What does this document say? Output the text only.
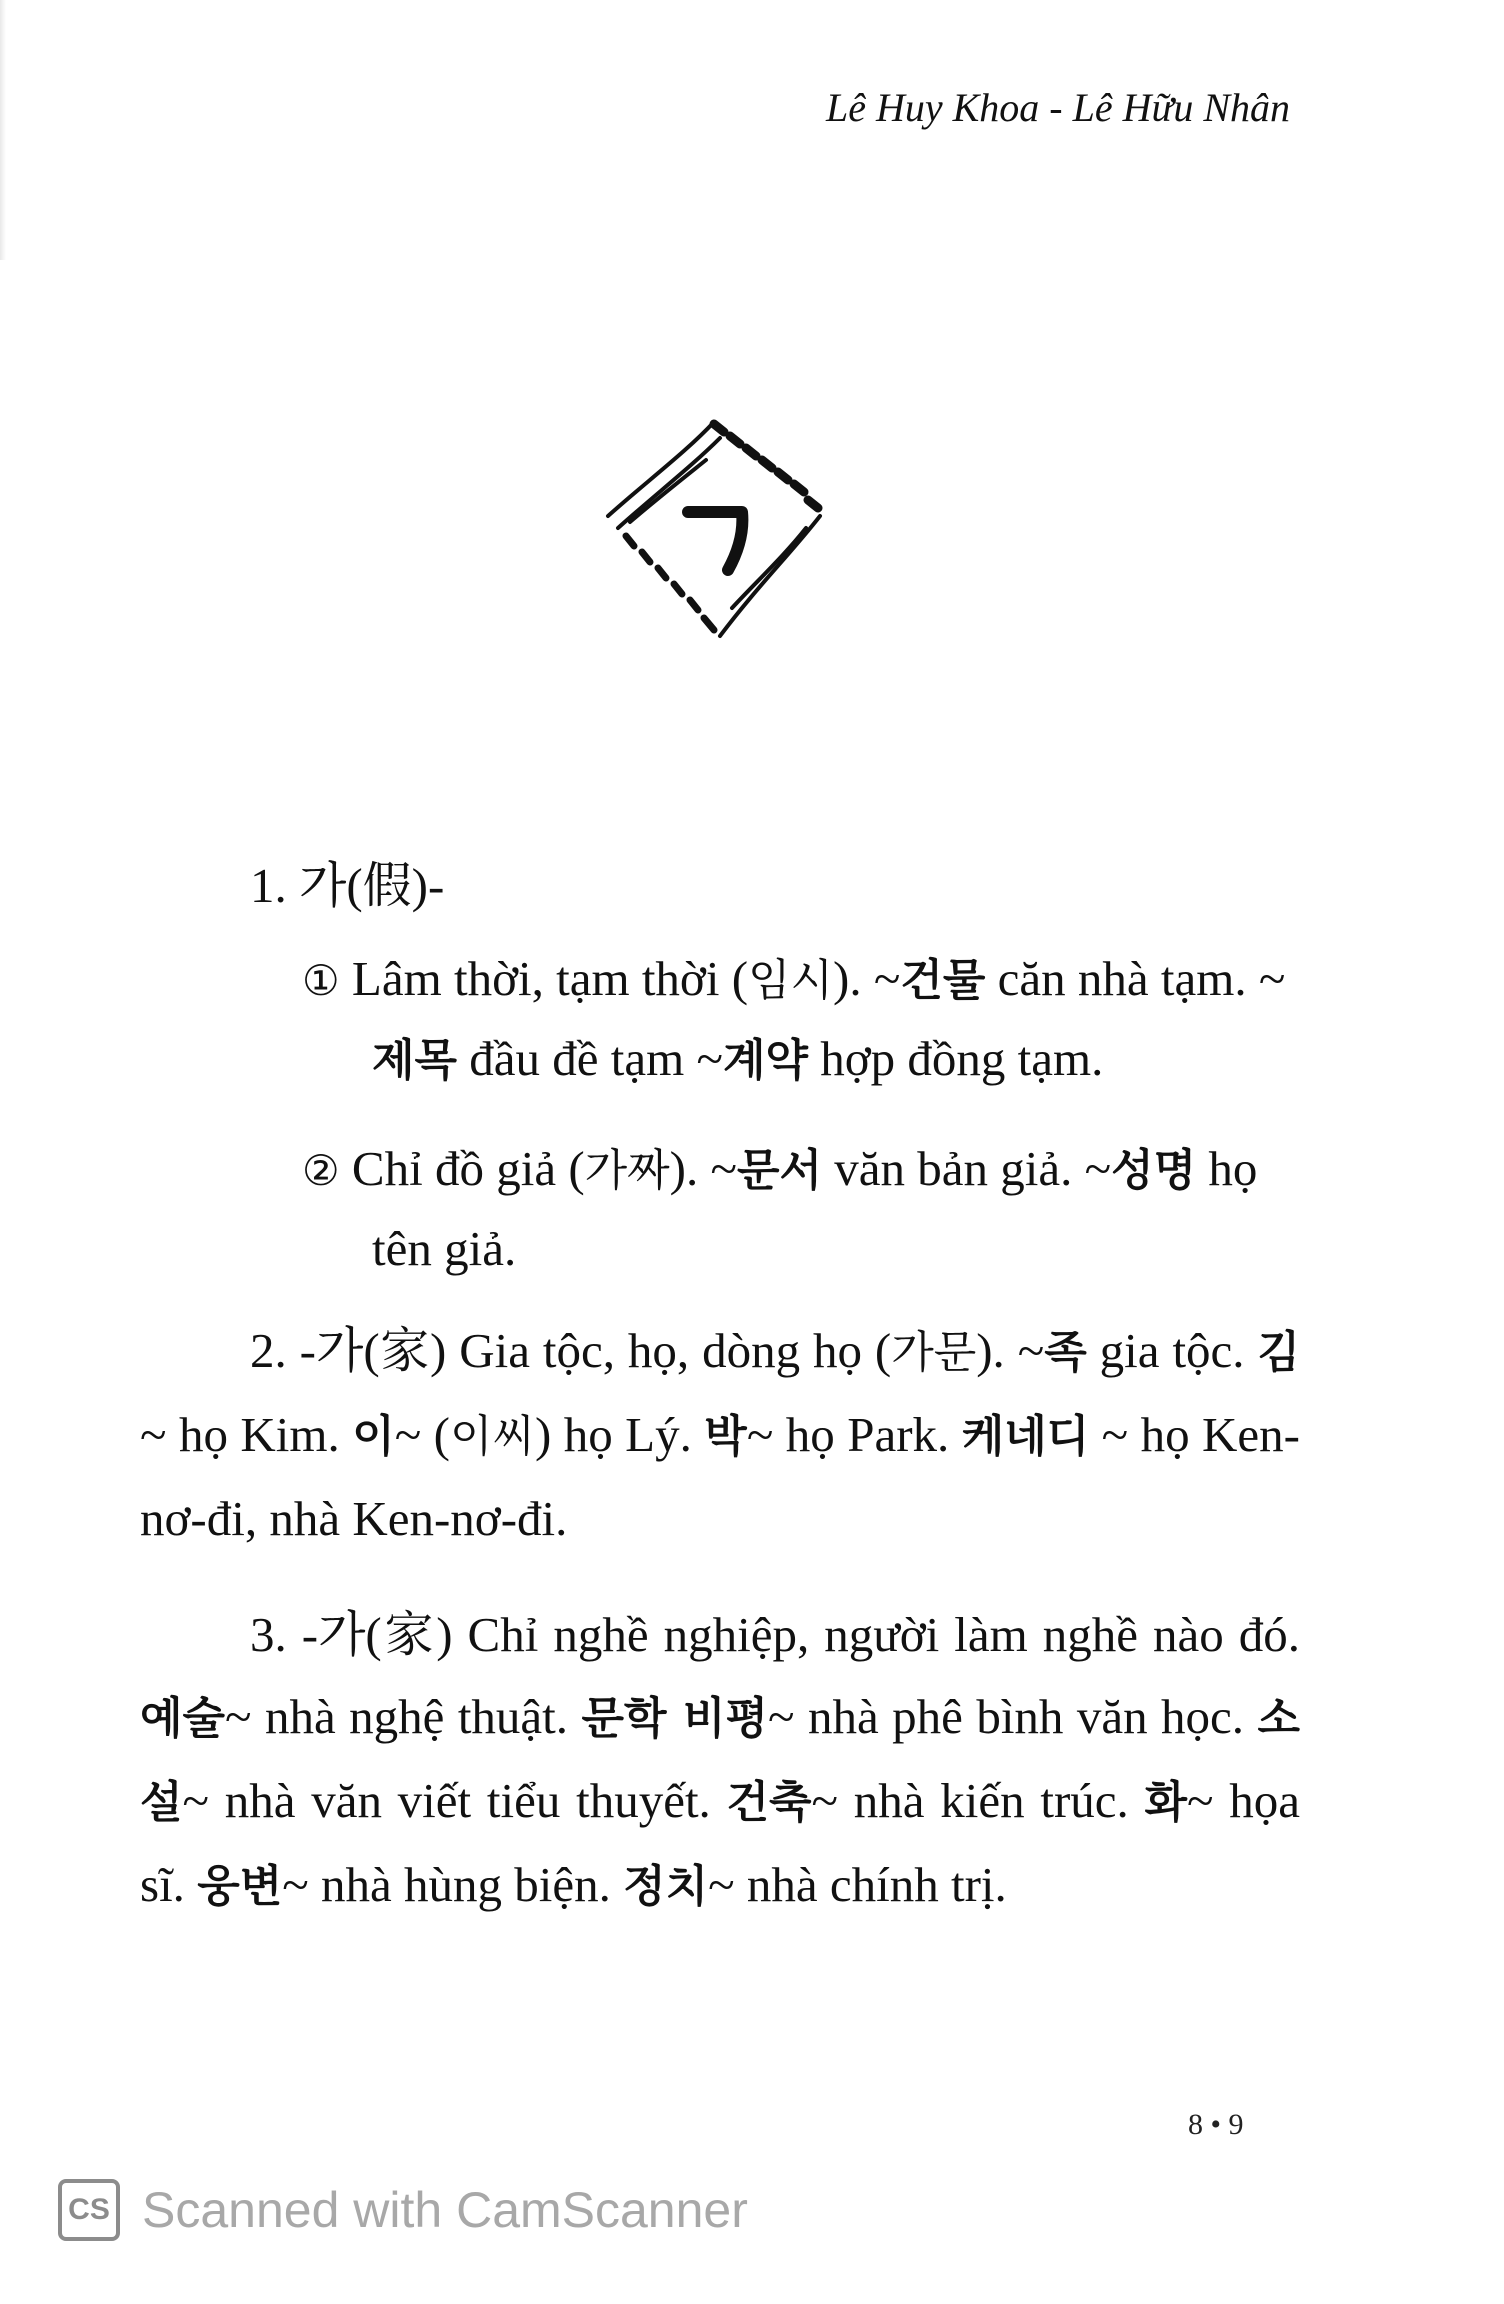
Lê Huy Khoa - Lê Hữu Nhân
1. 가(假)-
① Lâm thời, tạm thời (임시). ~건물 căn nhà tạm. ~제목 đầu đề tạm ~계약 hợp đồng tạm.
② Chỉ đồ giả (가짜). ~문서 văn bản giả. ~성명 họ tên giả.
2. -가(家) Gia tộc, họ, dòng họ (가문). ~족 gia tộc. 김~ họ Kim. 이~ (이씨) họ Lý. 박~ họ Park. 케네디 ~ họ Ken-nơ-đi, nhà Ken-nơ-đi.
3. -가(家) Chỉ nghề nghiệp, người làm nghề nào đó. 예술~ nhà nghệ thuật. 문학 비평~ nhà phê bình văn học. 소설~ nhà văn viết tiểu thuyết. 건축~ nhà kiến trúc. 화~ họa sĩ. 웅변~ nhà hùng biện. 정치~ nhà chính trị.
8 • 9
CS Scanned with CamScanner
